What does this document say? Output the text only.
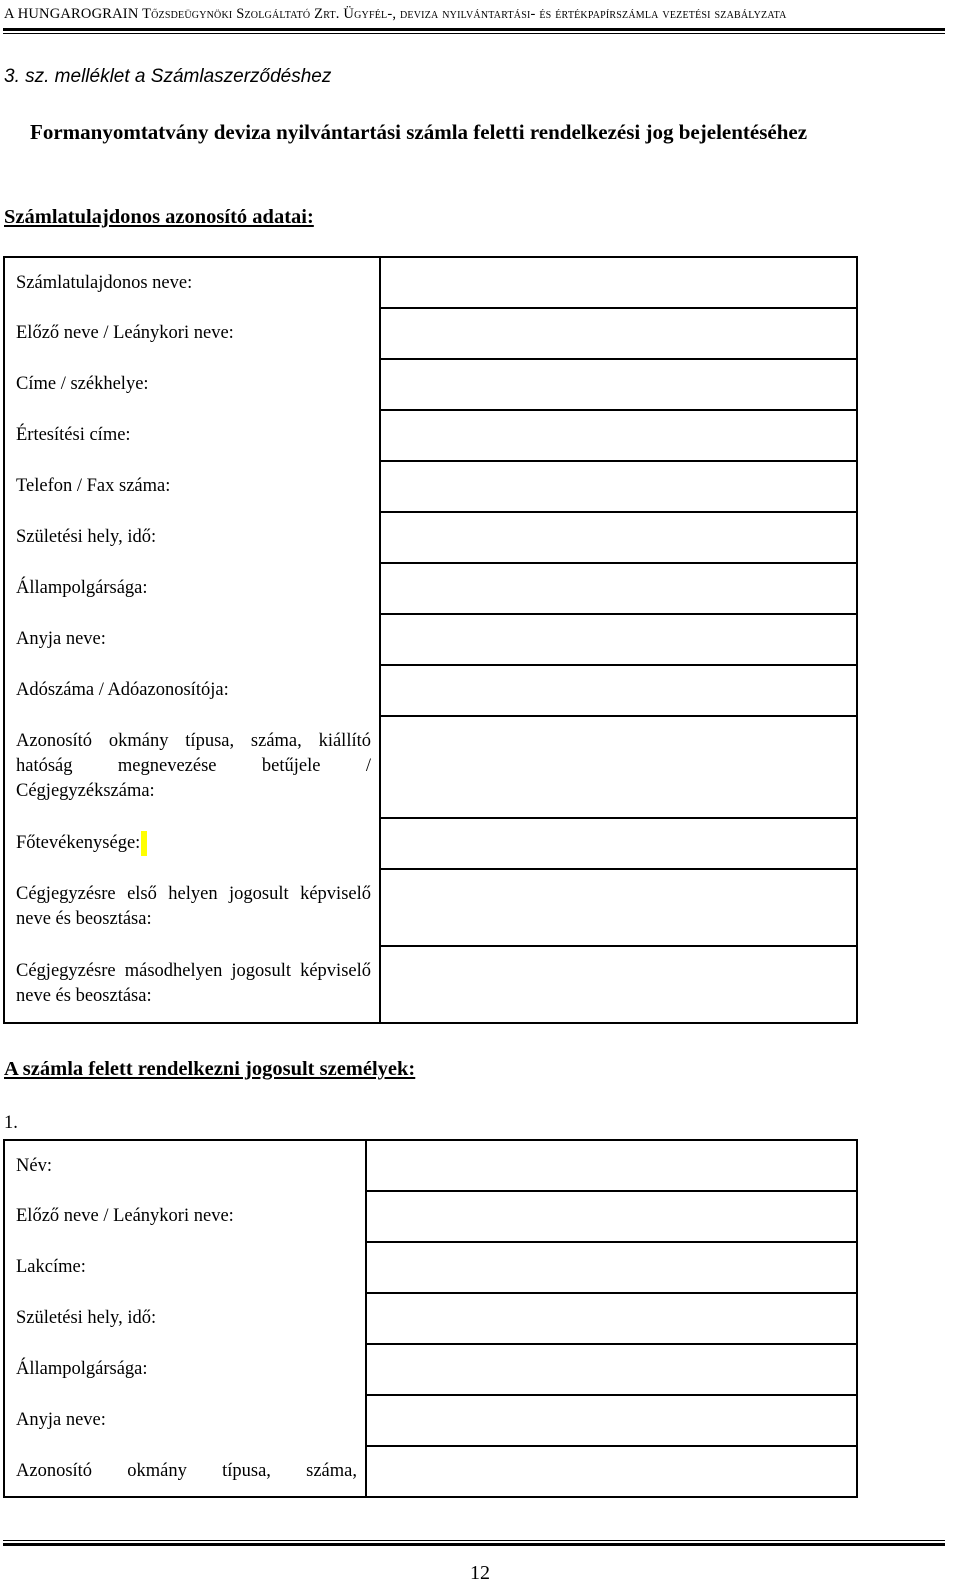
A HUNGAROGRAIN Tőzsdeügynöki Szolgáltató Zrt. Ügyfél-, deviza nyilvántartási- és értékpapírszámla vezetési szabályzata
3. sz. melléklet a Számlaszerződéshez
Formanyomtatvány deviza nyilvántartási számla feletti rendelkezési jog bejelentéséhez
Számlatulajdonos azonosító adatai:
Számlatulajdonos neve:	
Előző neve / Leánykori neve:	
Címe / székhelye:	
Értesítési címe:	
Telefon / Fax száma:	
Születési hely, idő:	
Állampolgársága:	
Anyja neve:	
Adószáma / Adóazonosítója:	
Azonosító okmány típusa, száma, kiállító hatóság megnevezése betűjele / Cégjegyzékszáma:	
Főtevékenysége:	
Cégjegyzésre első helyen jogosult képviselő neve és beosztása:	
Cégjegyzésre másodhelyen jogosult képviselő neve és beosztása:	
A számla felett rendelkezni jogosult személyek:
1.
Név:	
Előző neve / Leánykori neve:	
Lakcíme:	
Születési hely, idő:	
Állampolgársága:	
Anyja neve:	
Azonosító okmány típusa, száma,	
12
